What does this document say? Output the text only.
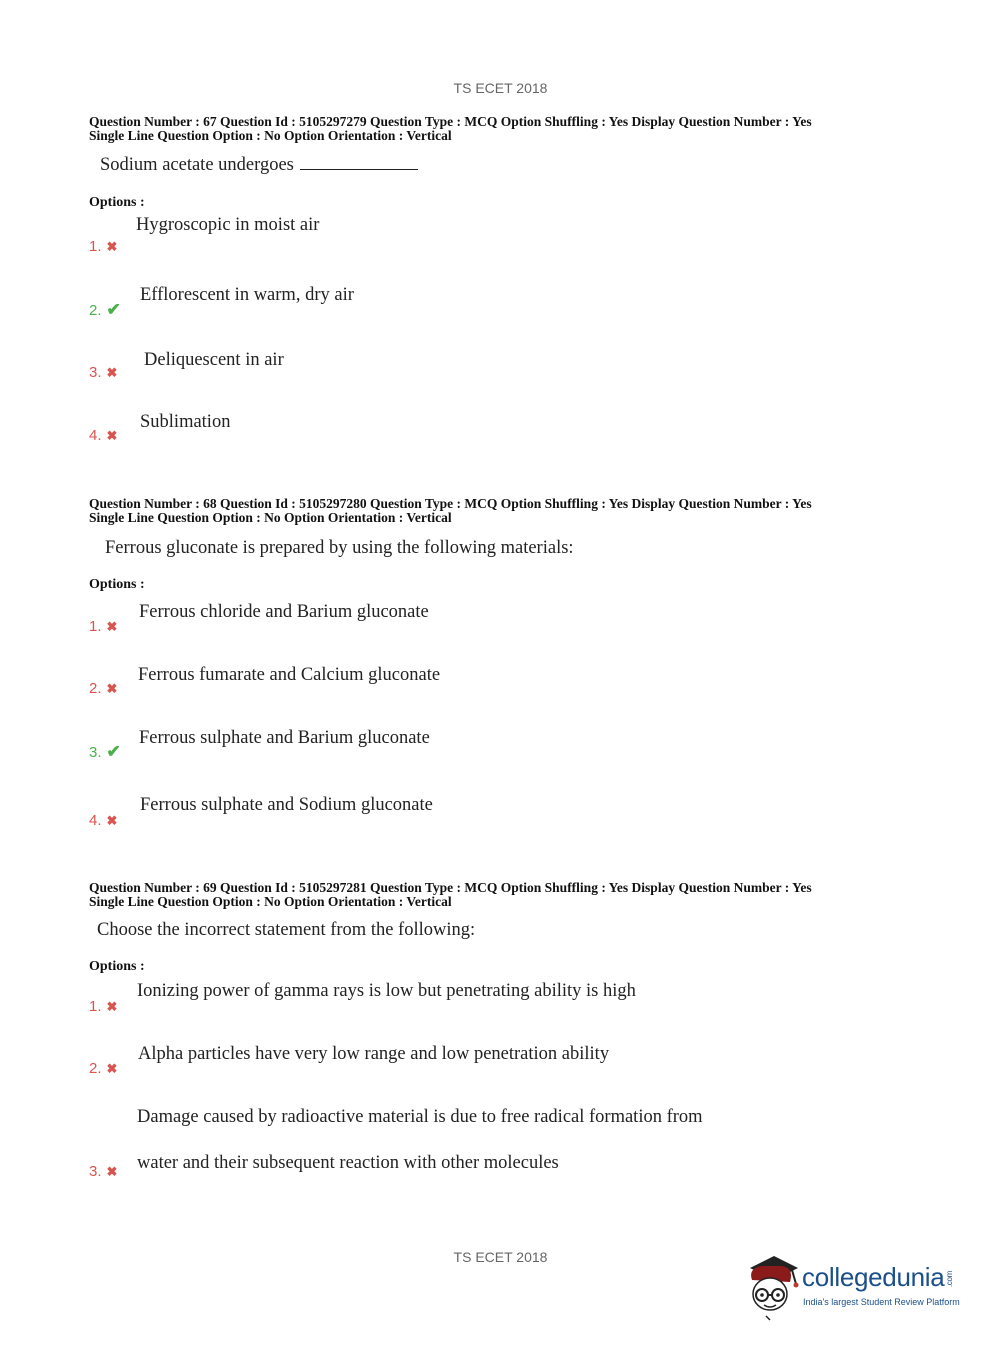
TS ECET 2018
Question Number : 67 Question Id : 5105297279 Question Type : MCQ Option Shuffling : Yes Display Question Number : Yes
Single Line Question Option : No Option Orientation : Vertical
Sodium acetate undergoes
Options :
1. ✖
Hygroscopic in moist air
2. ✔
Efflorescent in warm, dry air
3. ✖
Deliquescent in air
4. ✖
Sublimation
Question Number : 68 Question Id : 5105297280 Question Type : MCQ Option Shuffling : Yes Display Question Number : Yes
Single Line Question Option : No Option Orientation : Vertical
Ferrous gluconate is prepared by using the following materials:
Options :
1. ✖
Ferrous chloride and Barium gluconate
2. ✖
Ferrous fumarate and Calcium gluconate
3. ✔
Ferrous sulphate and Barium gluconate
4. ✖
Ferrous sulphate and Sodium gluconate
Question Number : 69 Question Id : 5105297281 Question Type : MCQ Option Shuffling : Yes Display Question Number : Yes
Single Line Question Option : No Option Orientation : Vertical
Choose the incorrect statement from the following:
Options :
1. ✖
Ionizing power of gamma rays is low but penetrating ability is high
2. ✖
Alpha particles have very low range and low penetration ability
Damage caused by radioactive material is due to free radical formation from
3. ✖ water and their subsequent reaction with other molecules
TS ECET 2018
collegedunia.com
India's largest Student Review Platform
